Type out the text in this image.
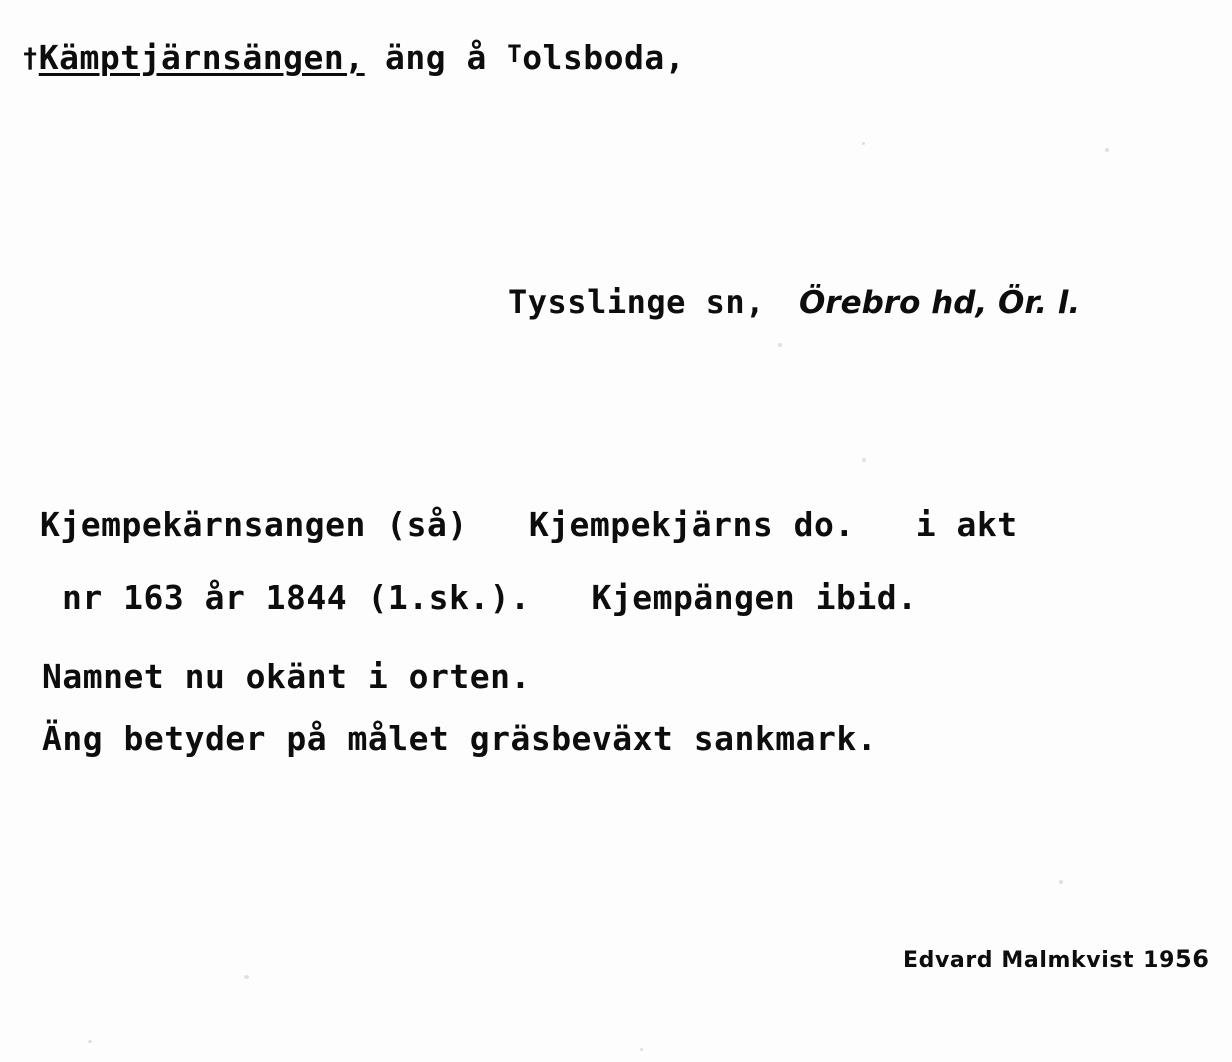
†Kämptjärnsängen, äng å $^T$olsboda,
Tysslinge sn, Örebro hd, Ör. l.
Kjempekärnsangen (så)   Kjempekjärns do.   i akt
nr 163 år 1844 (1.sk.).   Kjempängen ibid.
Namnet nu okänt i orten.
Äng betyder på målet gräsbeväxt sankmark.
Edvard Malmkvist 1956
